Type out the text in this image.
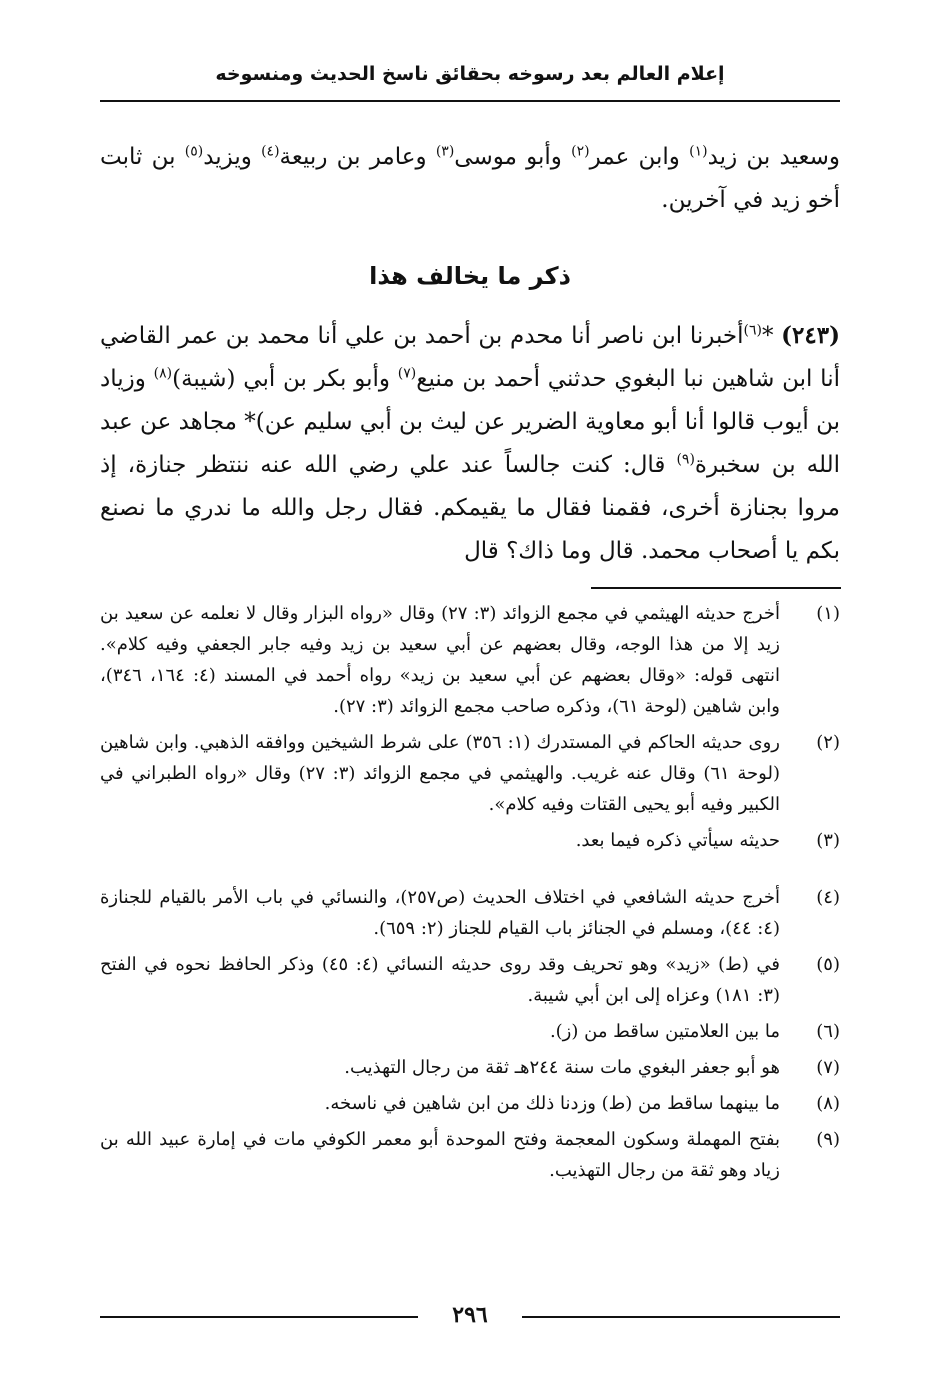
إعلام العالم بعد رسوخه بحقائق ناسخ الحديث ومنسوخه
وسعيد بن زيد$^{(١)}$ وابن عمر$^{(٢)}$ وأبو موسى$^{(٣)}$ وعامر بن ربيعة$^{(٤)}$ ويزيد$^{(٥)}$ بن ثابت أخو زيد في آخرين.
ذكر ما يخالف هذا
(٢٤٣) *$^{(٦)}$أخبرنا ابن ناصر أنا محدم بن أحمد بن علي أنا محمد بن عمر القاضي أنا ابن شاهين نبا البغوي حدثني أحمد بن منيع$^{(٧)}$ وأبو بكر بن أبي (شيبة)$^{(٨)}$ وزياد بن أيوب قالوا أنا أبو معاوية الضرير عن ليث بن أبي سليم عن)* مجاهد عن عبد الله بن سخبرة$^{(٩)}$ قال: كنت جالساً عند علي رضي الله عنه ننتظر جنازة، إذ مروا بجنازة أخرى، فقمنا فقال ما يقيمكم. فقال رجل والله ما ندري ما نصنع بكم يا أصحاب محمد. قال وما ذاك؟ قال
(١)
أخرج حديثه الهيثمي في مجمع الزوائد (٣: ٢٧) وقال «رواه البزار وقال لا نعلمه عن سعيد بن زيد إلا من هذا الوجه، وقال بعضهم عن أبي سعيد بن زيد وفيه جابر الجعفي وفيه كلام». انتهى قوله: «وقال بعضهم عن أبي سعيد بن زيد» رواه أحمد في المسند (٤: ١٦٤، ٣٤٦)، وابن شاهين (لوحة ٦١)، وذكره صاحب مجمع الزوائد (٣: ٢٧).
(٢)
روى حديثه الحاكم في المستدرك (١: ٣٥٦) على شرط الشيخين ووافقه الذهبي. وابن شاهين (لوحة ٦١) وقال عنه غريب. والهيثمي في مجمع الزوائد (٣: ٢٧) وقال «رواه الطبراني في الكبير وفيه أبو يحيى القتات وفيه كلام».
(٣)
حديثه سيأتي ذكره فيما بعد.
(٤)
أخرج حديثه الشافعي في اختلاف الحديث (ص٢٥٧)، والنسائي في باب الأمر بالقيام للجنازة (٤: ٤٤)، ومسلم في الجنائز باب القيام للجناز (٢: ٦٥٩).
(٥)
في (ط) «زيد» وهو تحريف وقد روى حديثه النسائي (٤: ٤٥) وذكر الحافظ نحوه في الفتح (٣: ١٨١) وعزاه إلى ابن أبي شيبة.
(٦)
ما بين العلامتين ساقط من (ز).
(٧)
هو أبو جعفر البغوي مات سنة ٢٤٤هـ ثقة من رجال التهذيب.
(٨)
ما بينهما ساقط من (ط) وزدنا ذلك من ابن شاهين في ناسخه.
(٩)
بفتح المهملة وسكون المعجمة وفتح الموحدة أبو معمر الكوفي مات في إمارة عبيد الله بن زياد وهو ثقة من رجال التهذيب.
٢٩٦
